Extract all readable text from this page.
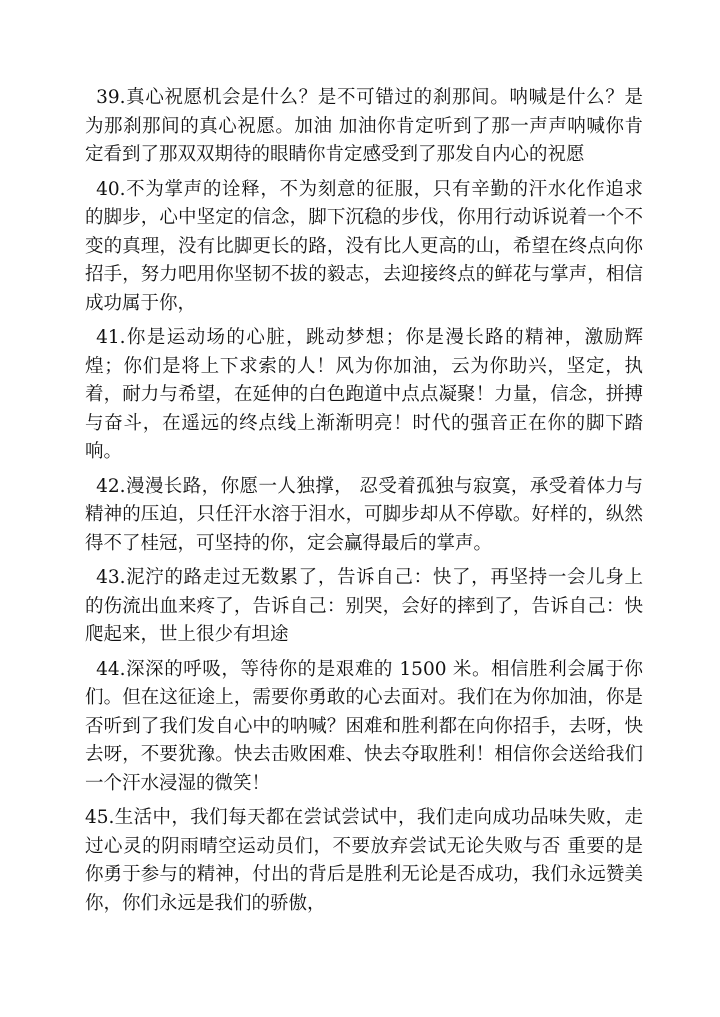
39.真心祝愿机会是什么？是不可错过的刹那间。呐喊是什么？是为那刹那间的真心祝愿。加油 加油你肯定听到了那一声声呐喊你肯定看到了那双双期待的眼睛你肯定感受到了那发自内心的祝愿

40.不为掌声的诠释，不为刻意的征服，只有辛勤的汗水化作追求的脚步，心中坚定的信念，脚下沉稳的步伐，你用行动诉说着一个不变的真理，没有比脚更长的路，没有比人更高的山，希望在终点向你招手，努力吧用你坚韧不拔的毅志，去迎接终点的鲜花与掌声，相信成功属于你，

41.你是运动场的心脏，跳动梦想；你是漫长路的精神，激励辉煌；你们是将上下求索的人！风为你加油，云为你助兴，坚定，执着，耐力与希望，在延伸的白色跑道中点点凝聚！力量，信念，拼搏与奋斗，在遥远的终点线上渐渐明亮！时代的强音正在你的脚下踏响。

42.漫漫长路，你愿一人独撑， 忍受着孤独与寂寞，承受着体力与精神的压迫，只任汗水溶于泪水，可脚步却从不停歇。好样的，纵然得不了桂冠，可坚持的你，定会赢得最后的掌声。

43.泥泞的路走过无数累了，告诉自己：快了，再坚持一会儿身上的伤流出血来疼了，告诉自己：别哭，会好的摔到了，告诉自己：快爬起来，世上很少有坦途

44.深深的呼吸，等待你的是艰难的 1500 米。相信胜利会属于你们。但在这征途上，需要你勇敢的心去面对。我们在为你加油，你是否听到了我们发自心中的呐喊？困难和胜利都在向你招手，去呀，快去呀，不要犹豫。快去击败困难、快去夺取胜利！相信你会送给我们一个汗水浸湿的微笑！

45.生活中，我们每天都在尝试尝试中，我们走向成功品味失败，走过心灵的阴雨晴空运动员们，不要放弃尝试无论失败与否 重要的是你勇于参与的精神，付出的背后是胜利无论是否成功，我们永远赞美你，你们永远是我们的骄傲，
